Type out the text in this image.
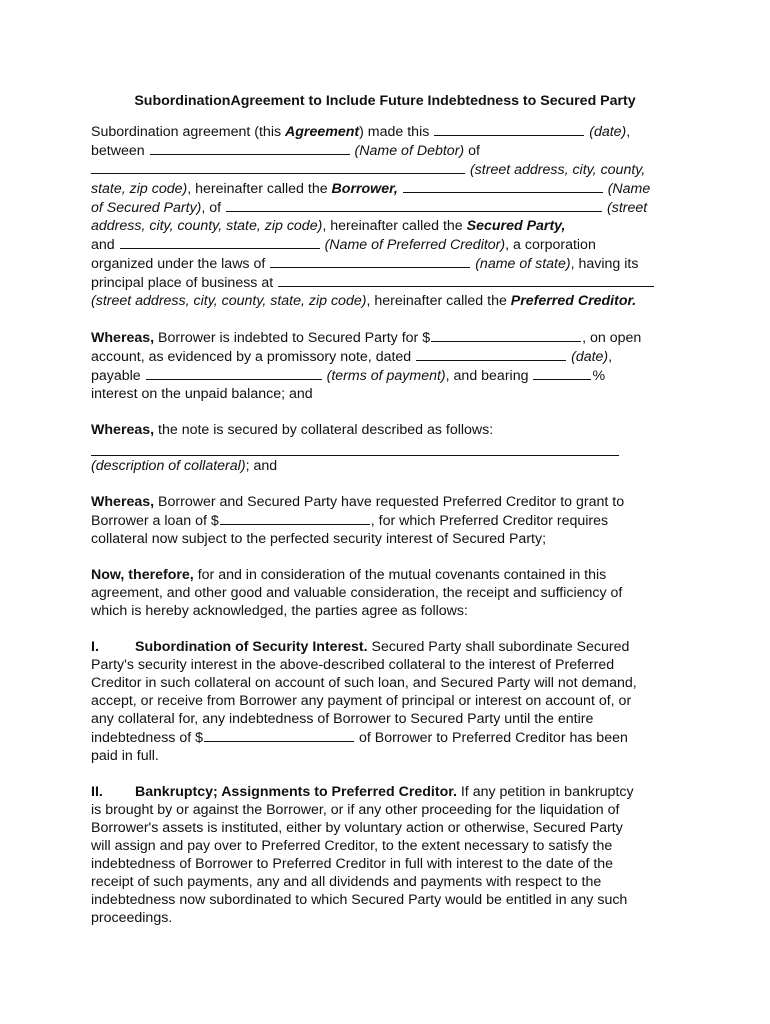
SubordinationAgreement to Include Future Indebtedness to Secured Party

Subordination agreement (this Agreement) made this	(date),
between	(Name of Debtor) of
(street address, city, county,
state, zip code), hereinafter called the Borrower,	(Name
of Secured Party), of	(street
address, city, county, state, zip code), hereinafter called the Secured Party,
and	(Name of Preferred Creditor), a corporation
organized under the laws of	(name of state), having its
principal place of business at
(street address, city, county, state, zip code), hereinafter called the Preferred Creditor.

Whereas, Borrower is indebted to Secured Party for $	, on open
account, as evidenced by a promissory note, dated	(date),
payable	(terms of payment), and bearing	%
interest on the unpaid balance; and

Whereas, the note is secured by collateral described as follows:
(description of collateral); and

Whereas, Borrower and Secured Party have requested Preferred Creditor to grant to
Borrower a loan of $	, for which Preferred Creditor requires
collateral now subject to the perfected security interest of Secured Party;

Now, therefore, for and in consideration of the mutual covenants contained in this
agreement, and other good and valuable consideration, the receipt and sufficiency of
which is hereby acknowledged, the parties agree as follows:

I.	Subordination of Security Interest. Secured Party shall subordinate Secured
Party's security interest in the above-described collateral to the interest of Preferred
Creditor in such collateral on account of such loan, and Secured Party will not demand,
accept, or receive from Borrower any payment of principal or interest on account of, or
any collateral for, any indebtedness of Borrower to Secured Party until the entire
indebtedness of $	of Borrower to Preferred Creditor has been
paid in full.

II. Bankruptcy; Assignments to Preferred Creditor. If any petition in bankruptcy
is brought by or against the Borrower, or if any other proceeding for the liquidation of
Borrower's assets is instituted, either by voluntary action or otherwise, Secured Party
will assign and pay over to Preferred Creditor, to the extent necessary to satisfy the
indebtedness of Borrower to Preferred Creditor in full with interest to the date of the
receipt of such payments, any and all dividends and payments with respect to the
indebtedness now subordinated to which Secured Party would be entitled in any such
proceedings.
